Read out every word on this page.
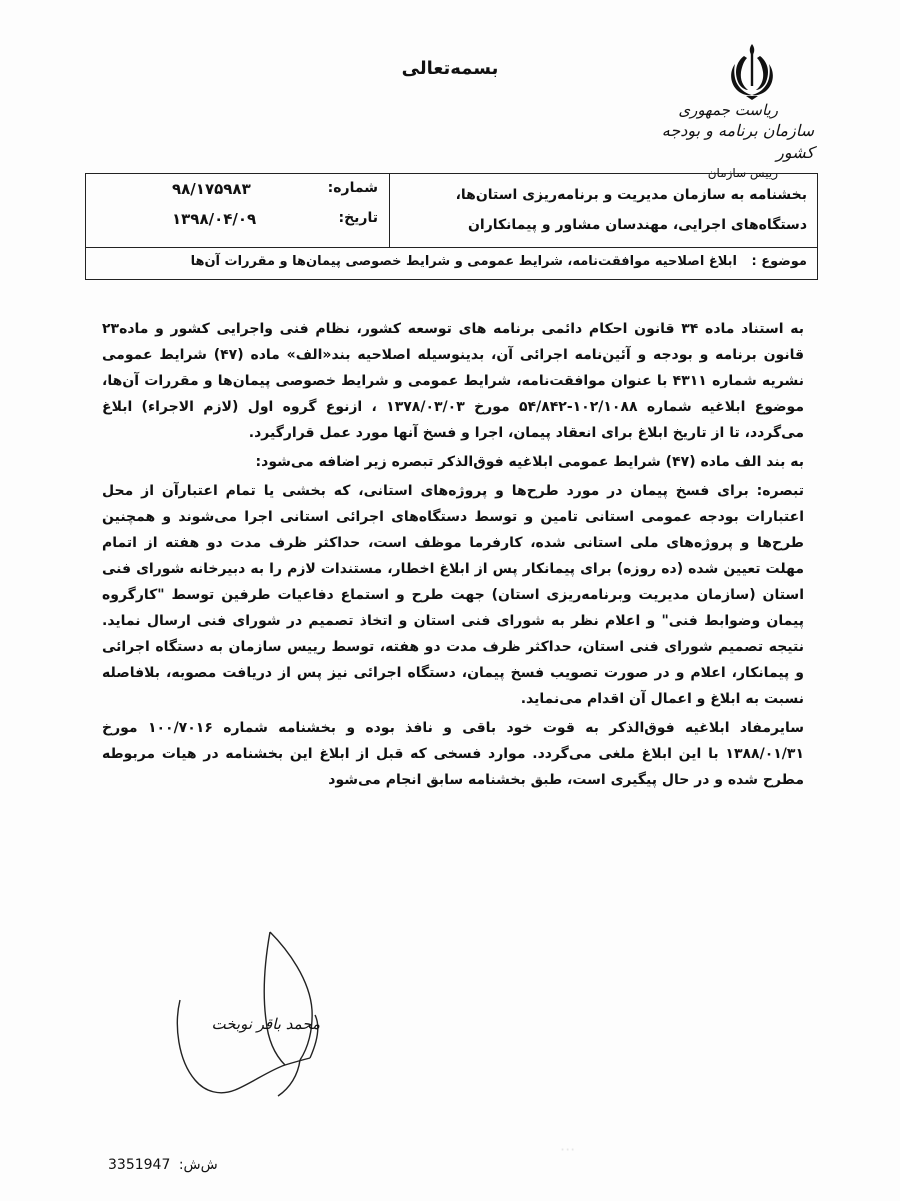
بسمه‌تعالی
ریاست جمهوری
سازمان برنامه و بودجه کشور
رییس سازمان
بخشنامه به سازمان مدیریت و برنامه‌ریزی استان‌ها،
دستگاه‌های اجرایی، مهندسان مشاور و پیمانکاران
شماره:
۹۸/۱۷۵۹۸۳
تاریخ:
۱۳۹۸/۰۴/۰۹
موضوع : ابلاغ اصلاحیه موافقت‌نامه، شرایط عمومی و شرایط خصوصی پیمان‌ها و مقررات آن‌ها

به استناد ماده ۳۴ قانون احکام دائمی برنامه های توسعه کشور، نظام فنی واجرایی کشور و ماده۲۳ قانون برنامه و بودجه و آئین‌نامه اجرائی آن، بدینوسیله اصلاحیه بند«الف» ماده (۴۷) شرایط عمومی نشریه شماره ۴۳۱۱ با عنوان موافقت‌نامه، شرایط عمومی و شرایط خصوصی پیمان‌ها و مقررات آن‌ها، موضوع ابلاغیه شماره ۱۰۲/۱۰۸۸-۵۴/۸۴۲ مورخ ۱۳۷۸/۰۳/۰۳ ، ازنوع گروه اول (لازم الاجراء) ابلاغ می‌گردد، تا از تاریخ ابلاغ برای انعقاد پیمان، اجرا و فسخ آنها مورد عمل قرارگیرد.

به بند الف ماده (۴۷) شرایط عمومی ابلاغیه فوق‌الذکر تبصره زیر اضافه می‌شود:

تبصره: برای فسخ پیمان در مورد طرح‌ها و پروژه‌های استانی، که بخشی یا تمام اعتبارآن از محل اعتبارات بودجه عمومی استانی تامین و توسط دستگاه‌های اجرائی استانی اجرا می‌شوند و همچنین طرح‌ها و پروژه‌های ملی استانی شده، کارفرما موظف است، حداکثر ظرف مدت دو هفته از اتمام مهلت تعیین شده (ده روزه) برای پیمانکار پس از ابلاغ اخطار، مستندات لازم را به دبیرخانه شورای فنی استان (سازمان مدیریت وبرنامه‌ریزی استان) جهت طرح و استماع دفاعیات طرفین توسط "کارگروه پیمان وضوابط فنی" و اعلام نظر به شورای فنی استان و اتخاذ تصمیم در شورای فنی ارسال نماید. نتیجه تصمیم شورای فنی استان، حداکثر ظرف مدت دو هفته، توسط رییس سازمان به دستگاه اجرائی و پیمانکار، اعلام و در صورت تصویب فسخ پیمان، دستگاه اجرائی نیز پس از دریافت مصوبه، بلافاصله نسبت به ابلاغ و اعمال آن اقدام می‌نماید.

سایرمفاد ابلاغیه فوق‌الذکر به قوت خود باقی و نافذ بوده و بخشنامه شماره ۱۰۰/۷۰۱۶ مورخ ۱۳۸۸/۰۱/۳۱ با این ابلاغ ملغی می‌گردد. موارد فسخی که قبل از ابلاغ این بخشنامه در هیات مربوطه مطرح شده و در حال پیگیری است، طبق بخشنامه سابق انجام می‌شود

محمد باقر نوبخت
···
3351947 ش‌ش:
